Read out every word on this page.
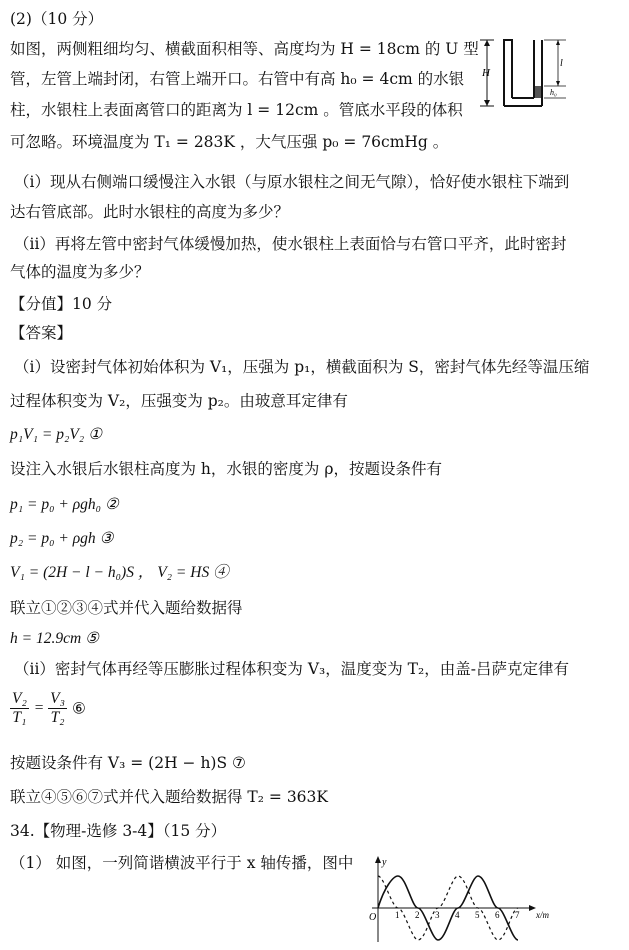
(2)（10 分）
如图，两侧粗细均匀、横截面积相等、高度均为 H = 18cm 的 U 型
管，左管上端封闭，右管上端开口。右管中有高 h₀ = 4cm 的水银
柱，水银柱上表面离管口的距离为 l = 12cm 。管底水平段的体积
可忽略。环境温度为 T₁ = 283K ，大气压强 p₀ = 76cmHg 。
H
l
h₀
（i）现从右侧端口缓慢注入水银（与原水银柱之间无气隙），恰好使水银柱下端到
达右管底部。此时水银柱的高度为多少？
（ii）再将左管中密封气体缓慢加热，使水银柱上表面恰与右管口平齐，此时密封
气体的温度为多少？
【分值】10 分
【答案】
（i）设密封气体初始体积为 V₁，压强为 p₁，横截面积为 S，密封气体先经等温压缩
过程体积变为 V₂，压强变为 p₂。由玻意耳定律有
p₁V₁ = p₂V₂ ①
设注入水银后水银柱高度为 h，水银的密度为 ρ，按题设条件有
p₁ = p₀ + ρgh₀ ②
p₂ = p₀ + ρgh ③
V₁ = (2H − l − h₀)S ， V₂ = HS ④
联立①②③④式并代入题给数据得
h = 12.9cm ⑤
（ii）密封气体再经等压膨胀过程体积变为 V₃，温度变为 T₂，由盖-吕萨克定律有
$\frac{\text{V₂}}{\text{T₁}} = \frac{\text{V₃}}{\text{T₂}}$ ⑥
按题设条件有 V₃ = (2H − h)S ⑦
联立④⑤⑥⑦式并代入题给数据得 T₂ = 363K
34.【物理-选修 3-4】（15 分）
（1） 如图，一列简谐横波平行于 x 轴传播，图中	y
O	x/m
1 2 3 4 5 6 7
